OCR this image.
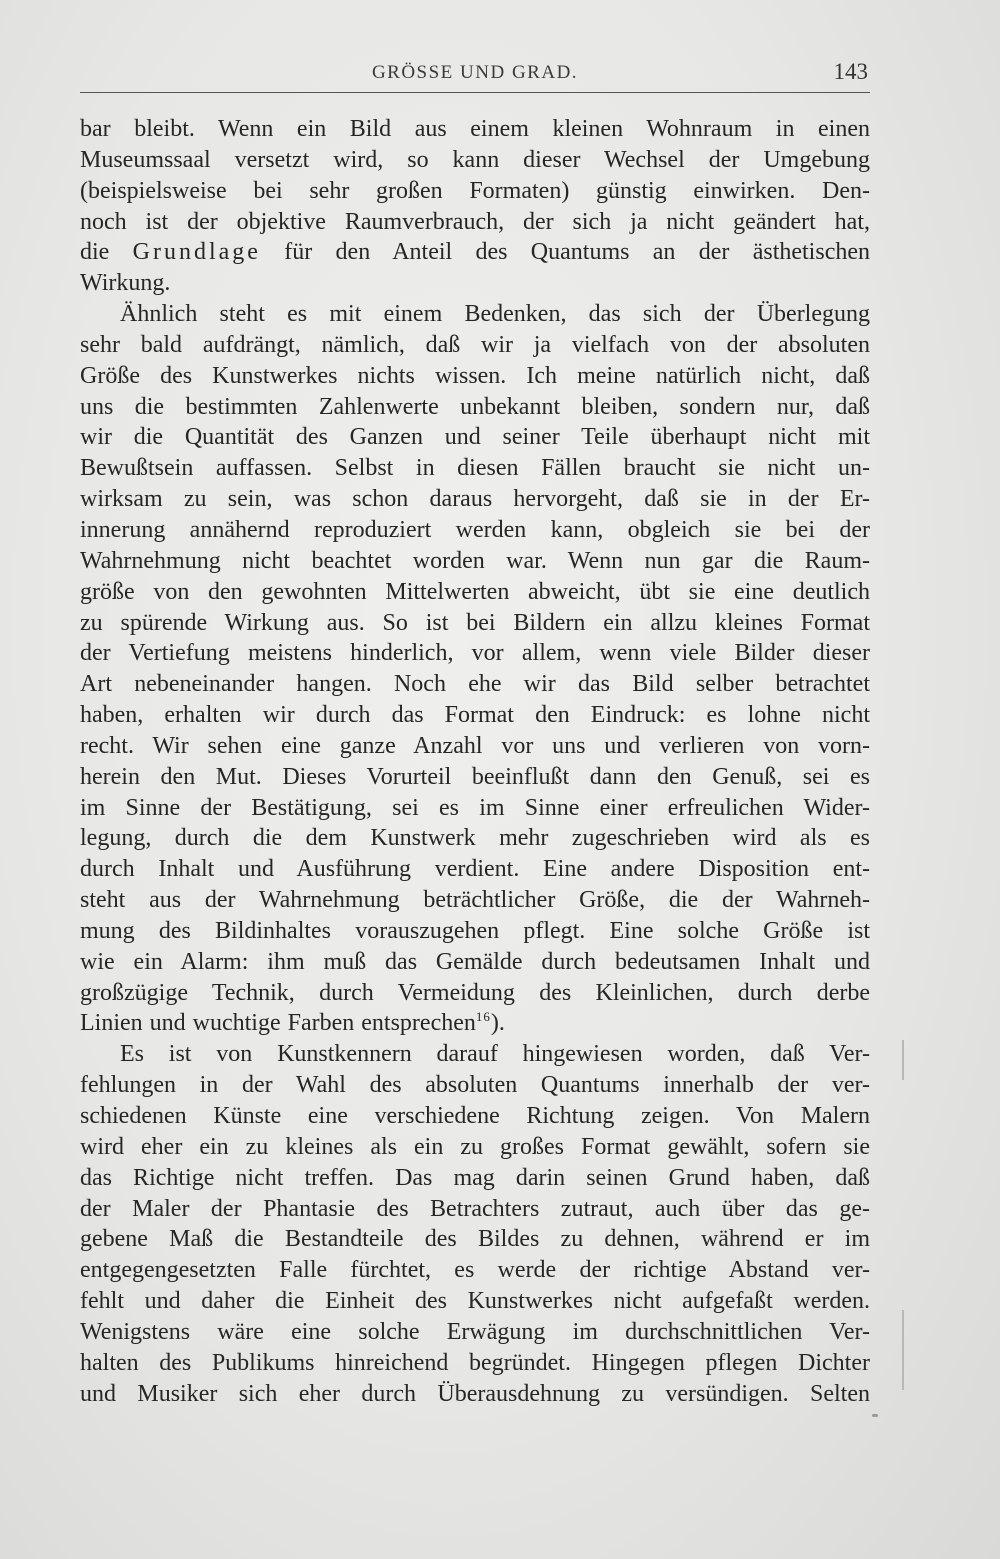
GRÖSSE UND GRAD.	143
bar bleibt. Wenn ein Bild aus einem kleinen Wohnraum in einen
Museumssaal versetzt wird, so kann dieser Wechsel der Umgebung
(beispielsweise bei sehr großen Formaten) günstig einwirken. Den-
noch ist der objektive Raumverbrauch, der sich ja nicht geändert hat,
die Grundlage für den Anteil des Quantums an der ästhetischen
Wirkung.
Ähnlich steht es mit einem Bedenken, das sich der Überlegung
sehr bald aufdrängt, nämlich, daß wir ja vielfach von der absoluten
Größe des Kunstwerkes nichts wissen. Ich meine natürlich nicht, daß
uns die bestimmten Zahlenwerte unbekannt bleiben, sondern nur, daß
wir die Quantität des Ganzen und seiner Teile überhaupt nicht mit
Bewußtsein auffassen. Selbst in diesen Fällen braucht sie nicht un-
wirksam zu sein, was schon daraus hervorgeht, daß sie in der Er-
innerung annähernd reproduziert werden kann, obgleich sie bei der
Wahrnehmung nicht beachtet worden war. Wenn nun gar die Raum-
größe von den gewohnten Mittelwerten abweicht, übt sie eine deutlich
zu spürende Wirkung aus. So ist bei Bildern ein allzu kleines Format
der Vertiefung meistens hinderlich, vor allem, wenn viele Bilder dieser
Art nebeneinander hangen. Noch ehe wir das Bild selber betrachtet
haben, erhalten wir durch das Format den Eindruck: es lohne nicht
recht. Wir sehen eine ganze Anzahl vor uns und verlieren von vorn-
herein den Mut. Dieses Vorurteil beeinflußt dann den Genuß, sei es
im Sinne der Bestätigung, sei es im Sinne einer erfreulichen Wider-
legung, durch die dem Kunstwerk mehr zugeschrieben wird als es
durch Inhalt und Ausführung verdient. Eine andere Disposition ent-
steht aus der Wahrnehmung beträchtlicher Größe, die der Wahrneh-
mung des Bildinhaltes vorauszugehen pflegt. Eine solche Größe ist
wie ein Alarm: ihm muß das Gemälde durch bedeutsamen Inhalt und
großzügige Technik, durch Vermeidung des Kleinlichen, durch derbe
Linien und wuchtige Farben entsprechen$^{16}$).
Es ist von Kunstkennern darauf hingewiesen worden, daß Ver-
fehlungen in der Wahl des absoluten Quantums innerhalb der ver-
schiedenen Künste eine verschiedene Richtung zeigen. Von Malern
wird eher ein zu kleines als ein zu großes Format gewählt, sofern sie
das Richtige nicht treffen. Das mag darin seinen Grund haben, daß
der Maler der Phantasie des Betrachters zutraut, auch über das ge-
gebene Maß die Bestandteile des Bildes zu dehnen, während er im
entgegengesetzten Falle fürchtet, es werde der richtige Abstand ver-
fehlt und daher die Einheit des Kunstwerkes nicht aufgefaßt werden.
Wenigstens wäre eine solche Erwägung im durchschnittlichen Ver-
halten des Publikums hinreichend begründet. Hingegen pflegen Dichter
und Musiker sich eher durch Überausdehnung zu versündigen. Selten
